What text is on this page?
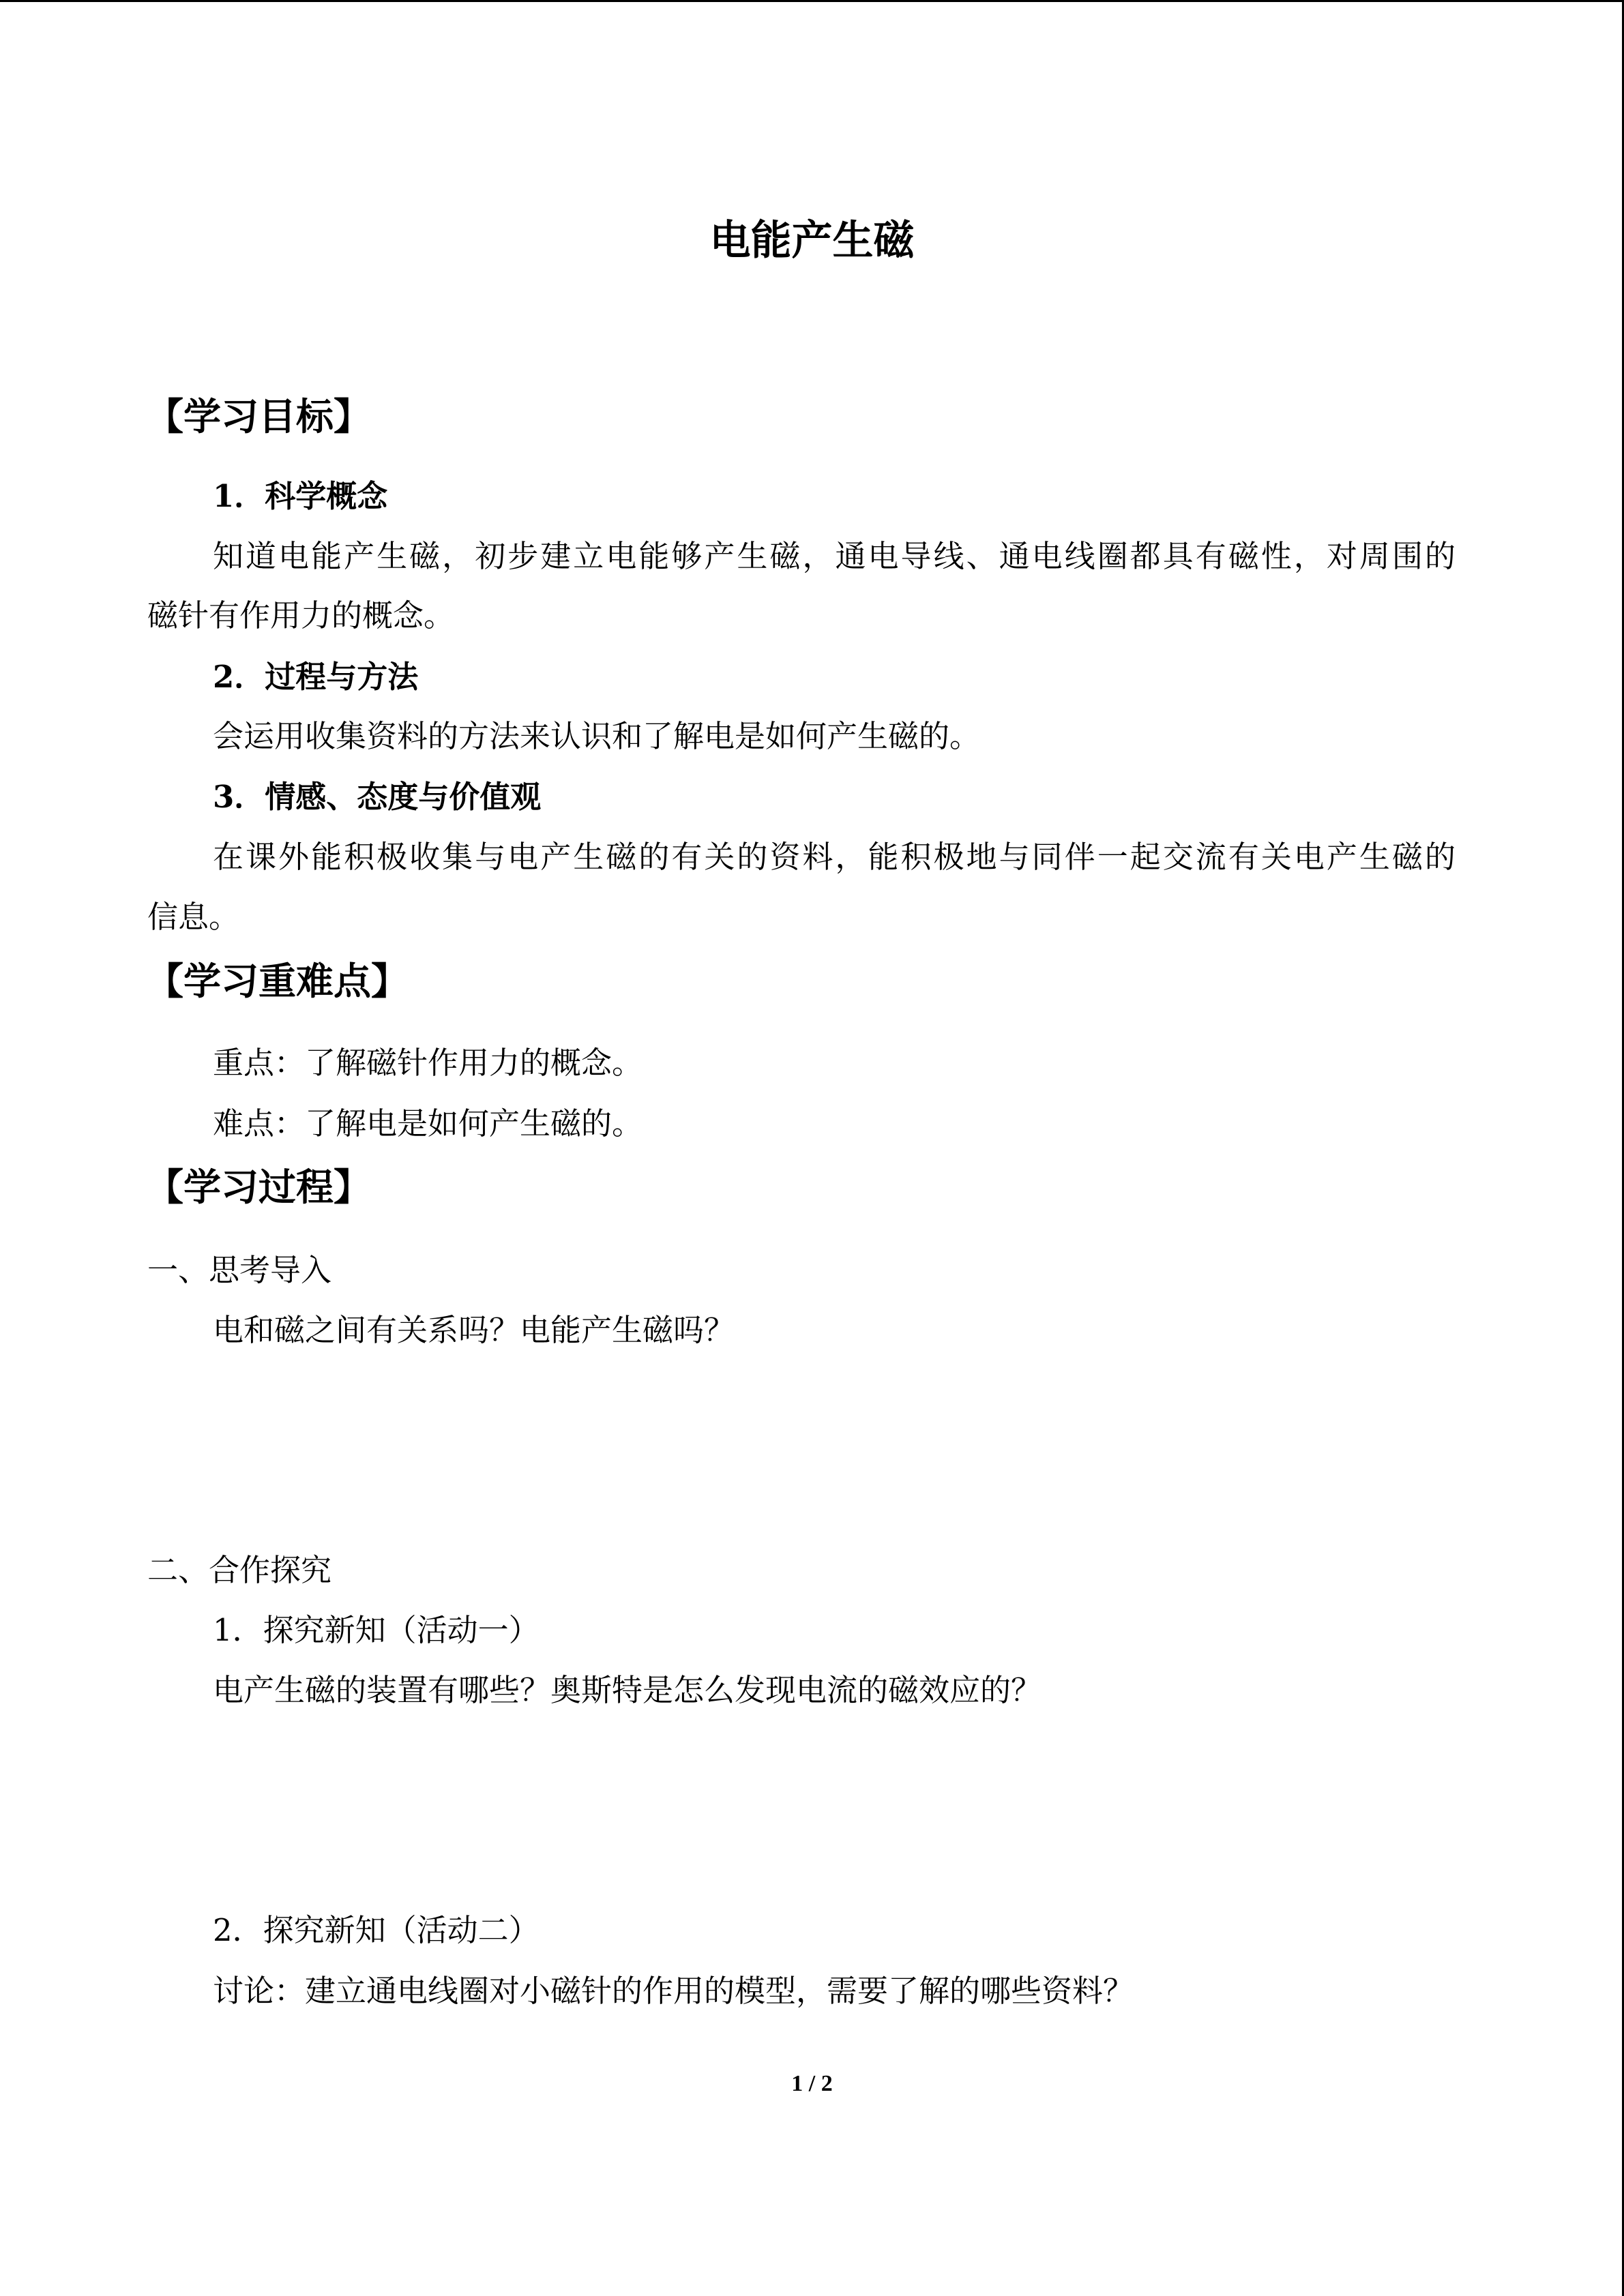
电能产生磁
【学习目标】
1．科学概念
知道电能产生磁，初步建立电能够产生磁，通电导线、通电线圈都具有磁性，对周围的
磁针有作用力的概念。
2．过程与方法
会运用收集资料的方法来认识和了解电是如何产生磁的。
3．情感、态度与价值观
在课外能积极收集与电产生磁的有关的资料，能积极地与同伴一起交流有关电产生磁的
信息。
【学习重难点】
重点：了解磁针作用力的概念。
难点：了解电是如何产生磁的。
【学习过程】
一、思考导入
电和磁之间有关系吗？电能产生磁吗？
二、合作探究
1．探究新知（活动一）
电产生磁的装置有哪些？奥斯特是怎么发现电流的磁效应的？
2．探究新知（活动二）
讨论：建立通电线圈对小磁针的作用的模型，需要了解的哪些资料？
1 / 2
